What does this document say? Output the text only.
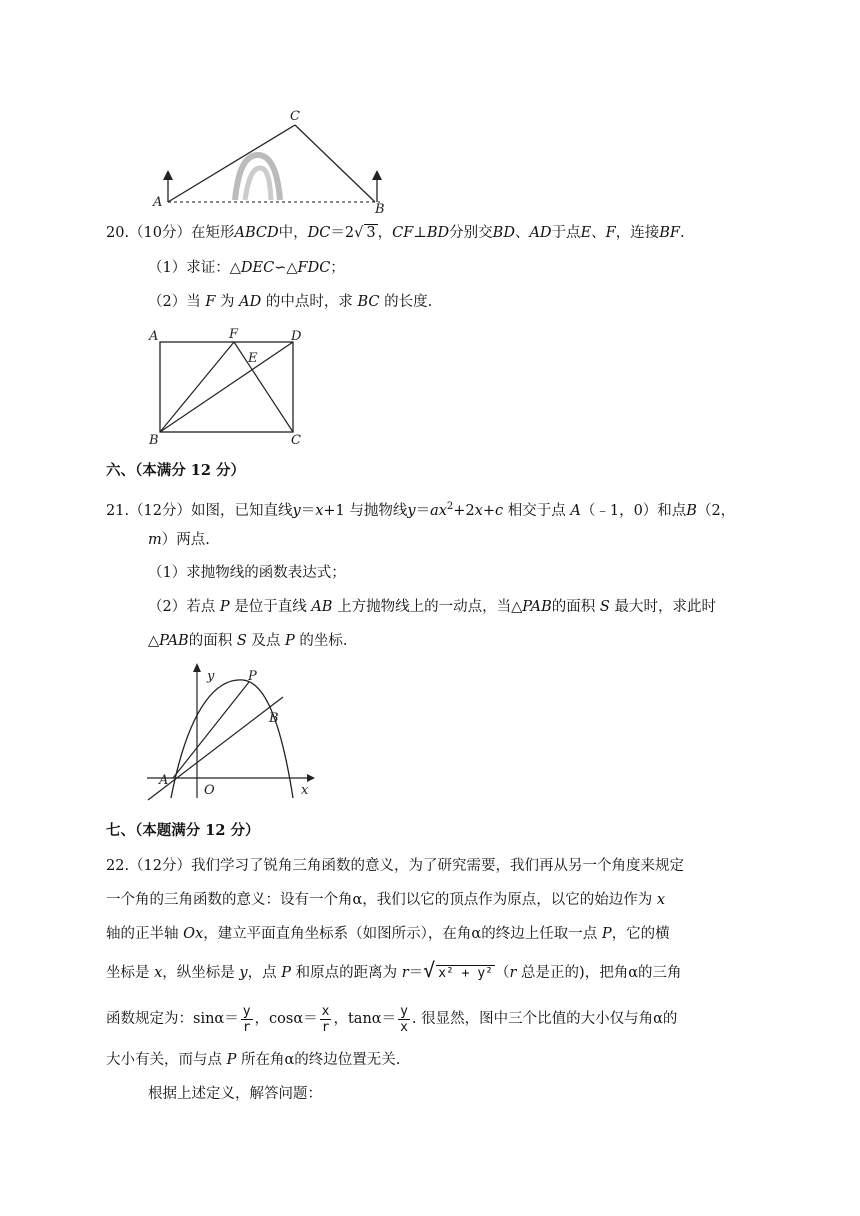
A	B
C
20.（10分）在矩形ABCD中，DC＝2√ 3 ，CF⊥BD分别交BD、AD于点E、F，连接BF.
（1）求证：△DEC∽△FDC；
（2）当 F 为 AD 的中点时，求 BC 的长度.
A	F	D
E
B	C
六、（本满分 12 分）
21.（12分）如图，已知直线y＝x+1 与抛物线$y=ax^2+2x+c$ 相交于点 A（﹣1，0）和点B（2，
m）两点.
（1）求抛物线的函数表达式；
（2）若点 P 是位于直线 AB 上方抛物线上的一动点，当△PAB的面积 S 最大时，求此时
△PAB的面积 S 及点 P 的坐标.
y	P
B
A
O	x
七、（本题满分 12 分）
22.（12分）我们学习了锐角三角函数的意义，为了研究需要，我们再从另一个角度来规定
一个角的三角函数的意义：设有一个角α，我们以它的顶点作为原点，以它的始边作为 x
轴的正半轴 Ox，建立平面直角坐标系（如图所示），在角α的终边上任取一点 P，它的横
坐标是 x，纵坐标是 y，点 P 和原点的距离为 r＝√ x² + y² （r 总是正的)，把角α的三角
函数规定为：$\sin\alpha= \frac{y}{r}$ ，$\cos\alpha= \frac{x}{r}$ ，$\tan\alpha= \frac{y}{x}$ . 很显然，图中三个比值的大小仅与角α的
大小有关，而与点 P 所在角α的终边位置无关.
根据上述定义，解答问题：
